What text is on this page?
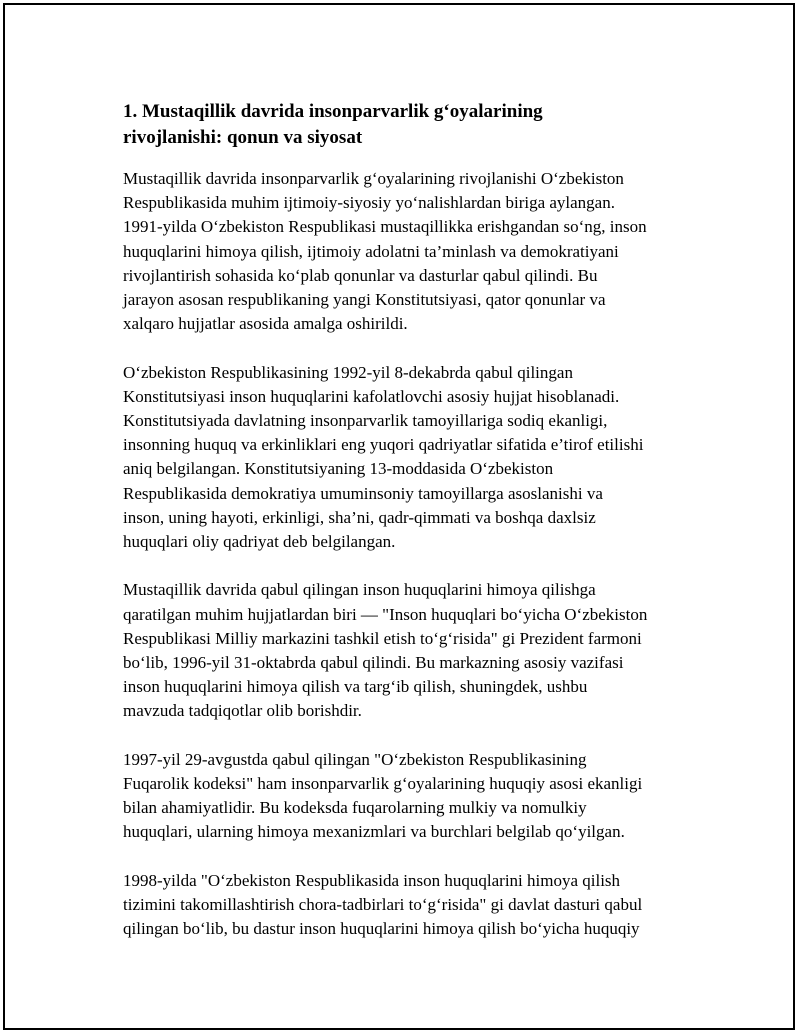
1. Mustaqillik davrida insonparvarlik g‘oyalarining
rivojlanishi: qonun va siyosat

Mustaqillik davrida insonparvarlik g‘oyalarining rivojlanishi O‘zbekiston
Respublikasida muhim ijtimoiy-siyosiy yo‘nalishlardan biriga aylangan.
1991-yilda O‘zbekiston Respublikasi mustaqillikka erishgandan so‘ng, inson
huquqlarini himoya qilish, ijtimoiy adolatni ta’minlash va demokratiyani
rivojlantirish sohasida ko‘plab qonunlar va dasturlar qabul qilindi. Bu
jarayon asosan respublikaning yangi Konstitutsiyasi, qator qonunlar va
xalqaro hujjatlar asosida amalga oshirildi.

O‘zbekiston Respublikasining 1992-yil 8-dekabrda qabul qilingan
Konstitutsiyasi inson huquqlarini kafolatlovchi asosiy hujjat hisoblanadi.
Konstitutsiyada davlatning insonparvarlik tamoyillariga sodiq ekanligi,
insonning huquq va erkinliklari eng yuqori qadriyatlar sifatida e’tirof etilishi
aniq belgilangan. Konstitutsiyaning 13-moddasida O‘zbekiston
Respublikasida demokratiya umuminsoniy tamoyillarga asoslanishi va
inson, uning hayoti, erkinligi, sha’ni, qadr-qimmati va boshqa daxlsiz
huquqlari oliy qadriyat deb belgilangan.

Mustaqillik davrida qabul qilingan inson huquqlarini himoya qilishga
qaratilgan muhim hujjatlardan biri — "Inson huquqlari bo‘yicha O‘zbekiston
Respublikasi Milliy markazini tashkil etish to‘g‘risida" gi Prezident farmoni
bo‘lib, 1996-yil 31-oktabrda qabul qilindi. Bu markazning asosiy vazifasi
inson huquqlarini himoya qilish va targ‘ib qilish, shuningdek, ushbu
mavzuda tadqiqotlar olib borishdir.

1997-yil 29-avgustda qabul qilingan "O‘zbekiston Respublikasining
Fuqarolik kodeksi" ham insonparvarlik g‘oyalarining huquqiy asosi ekanligi
bilan ahamiyatlidir. Bu kodeksda fuqarolarning mulkiy va nomulkiy
huquqlari, ularning himoya mexanizmlari va burchlari belgilab qo‘yilgan.

1998-yilda "O‘zbekiston Respublikasida inson huquqlarini himoya qilish
tizimini takomillashtirish chora-tadbirlari to‘g‘risida" gi davlat dasturi qabul
qilingan bo‘lib, bu dastur inson huquqlarini himoya qilish bo‘yicha huquqiy
